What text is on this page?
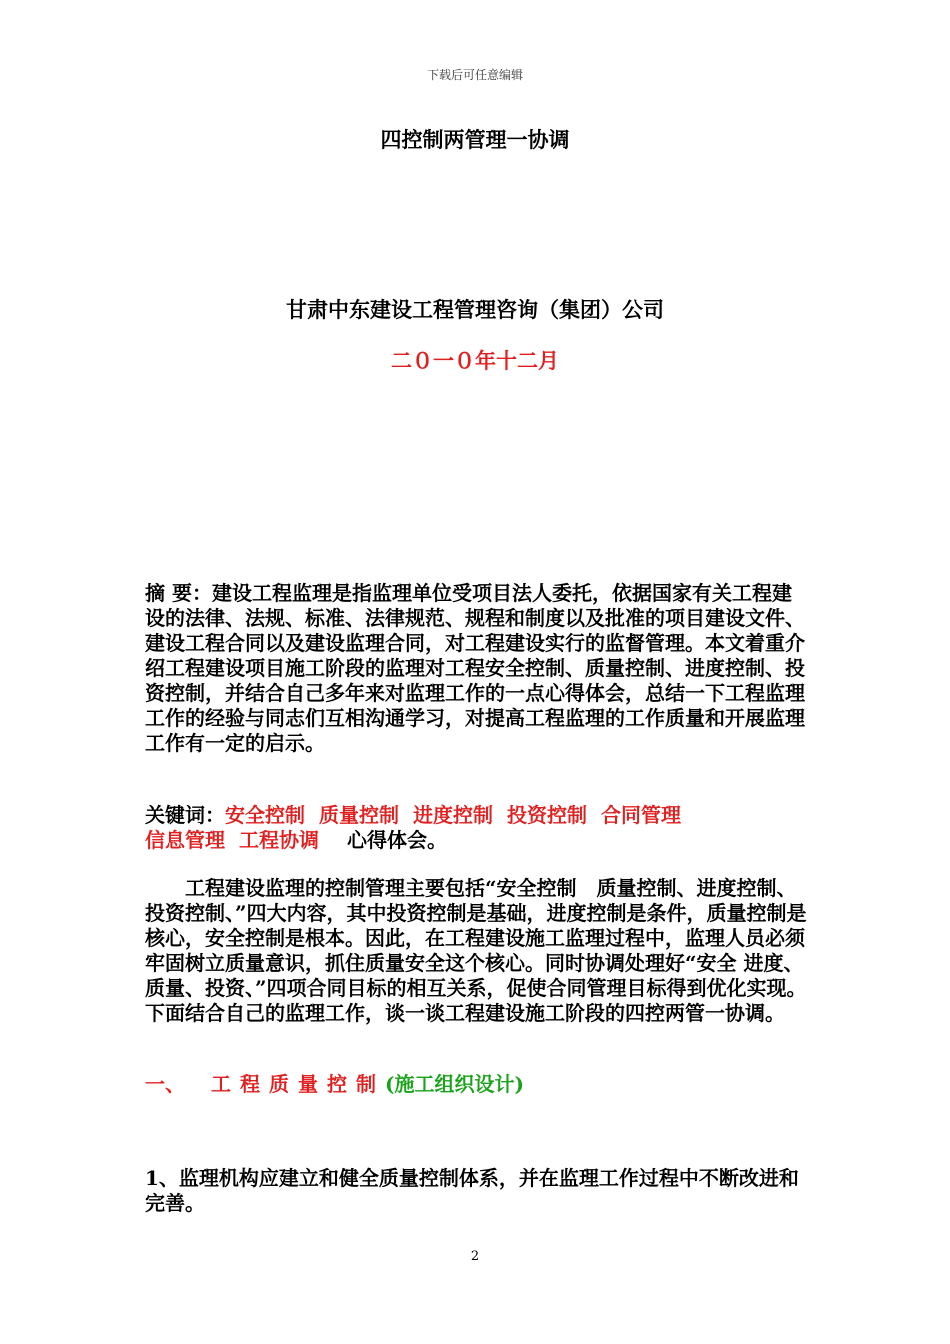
下载后可任意编辑
四控制两管理一协调
甘肃中东建设工程管理咨询（集团）公司
二０一０年十二月

摘 要：建设工程监理是指监理单位受项目法人委托，依据国家有关工程建设的法律、法规、标准、法律规范、规程和制度以及批准的项目建设文件、建设工程合同以及建设监理合同，对工程建设实行的监督管理。本文着重介绍工程建设项目施工阶段的监理对工程安全控制、质量控制、进度控制、投资控制，并结合自己多年来对监理工作的一点心得体会，总结一下工程监理工作的经验与同志们互相沟通学习，对提高工程监理的工作质量和开展监理工作有一定的启示。

关键词：安全控制 质量控制 进度控制 投资控制 合同管理
信息管理 工程协调 心得体会。

工程建设监理的控制管理主要包括“安全控制　质量控制、进度控制、投资控制、”四大内容，其中投资控制是基础，进度控制是条件，质量控制是核心，安全控制是根本。因此，在工程建设施工监理过程中，监理人员必须牢固树立质量意识，抓住质量安全这个核心。同时协调处理好“安全 进度、质量、投资、”四项合同目标的相互关系，促使合同管理目标得到优化实现。下面结合自己的监理工作，谈一谈工程建设施工阶段的四控两管一协调。

一、 工程质量控制(施工组织设计)

1、监理机构应建立和健全质量控制体系，并在监理工作过程中不断改进和完善。

2
